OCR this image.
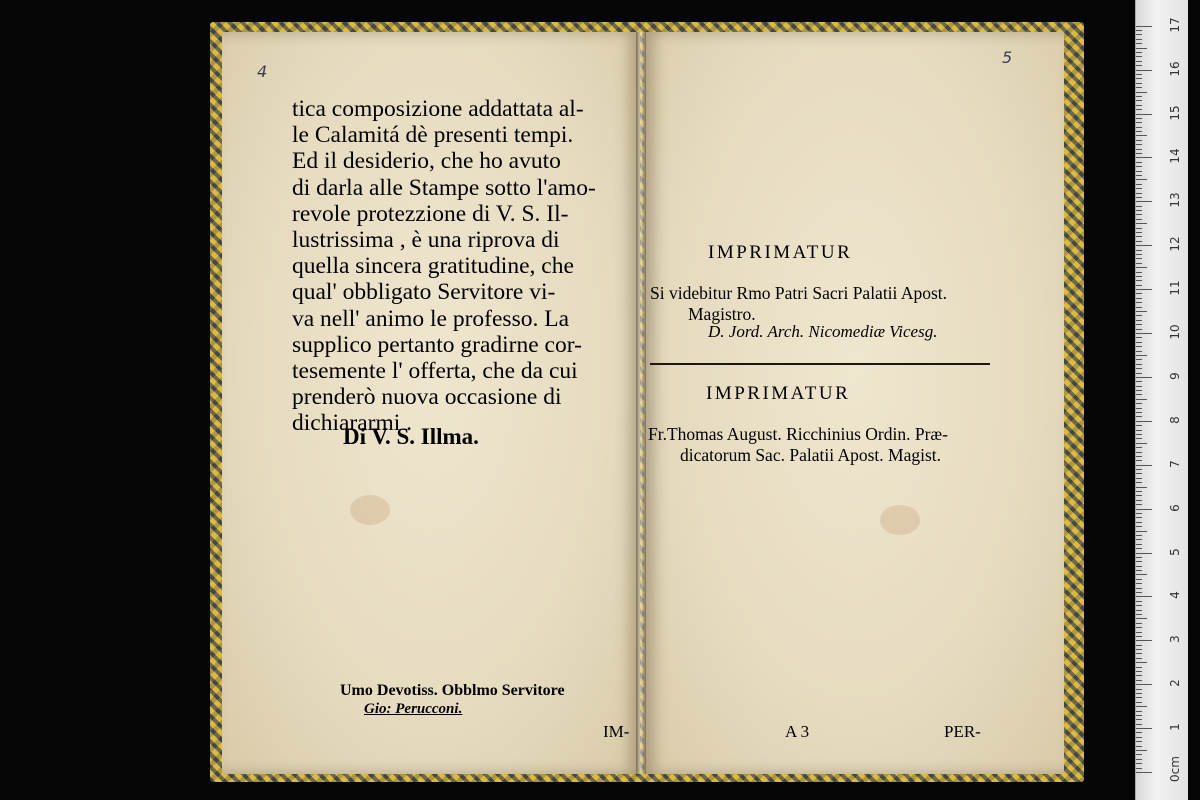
4
tica composizione addattata al-
le Calamitá dè presenti tempi.
Ed il desiderio, che ho avuto
di darla alle Stampe sotto l'amo-
revole protezzione di V. S. Il-
lustrissima , è una riprova di
quella sincera gratitudine, che
qual' obbligato Servitore vi-
va nell' animo le professo. La
supplico pertanto gradirne cor-
tesemente l' offerta, che da cui
prenderò nuova occasione di
dichiararmi .
Di V. S. Illma.
Umo Devotiss. Obblmo Servitore
Gio: Perucconi.
IM-
5
IMPRIMATUR
Si videbitur Rmo Patri Sacri Palatii Apost.
Magistro.
D. Jord. Arch. Nicomediæ Vicesg.
IMPRIMATUR
Fr.Thomas August. Ricchinius Ordin. Præ-
dicatorum Sac. Palatii Apost. Magist.
A 3	PER-
0cm
1
2
3
4
5
6
7
8
9
10
11
12
13
14
15
16
17
